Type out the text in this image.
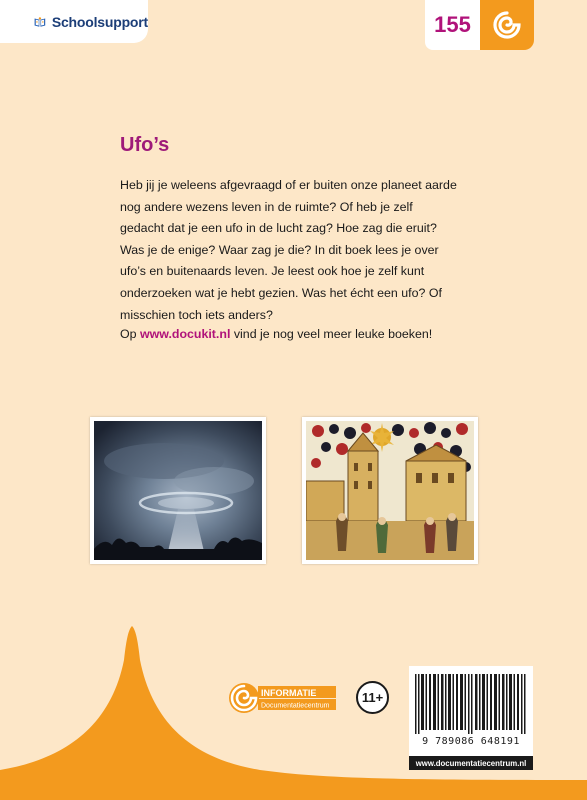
Schoolsupport	155
Ufo’s

Heb jij je weleens afgevraagd of er buiten onze planeet aarde nog andere wezens leven in de ruimte? Of heb je zelf gedacht dat je een ufo in de lucht zag? Hoe zag die eruit? Was je de enige? Waar zag je die? In dit boek lees je over ufo’s en buitenaards leven. Je leest ook hoe je zelf kunt onderzoeken wat je hebt gezien. Was het écht een ufo? Of misschien toch iets anders?

Op www.docukit.nl vind je nog veel meer leuke boeken!

INFORMATIE
Documentatiecentrum
11+
9 789086 648191
www.documentatiecentrum.nl
